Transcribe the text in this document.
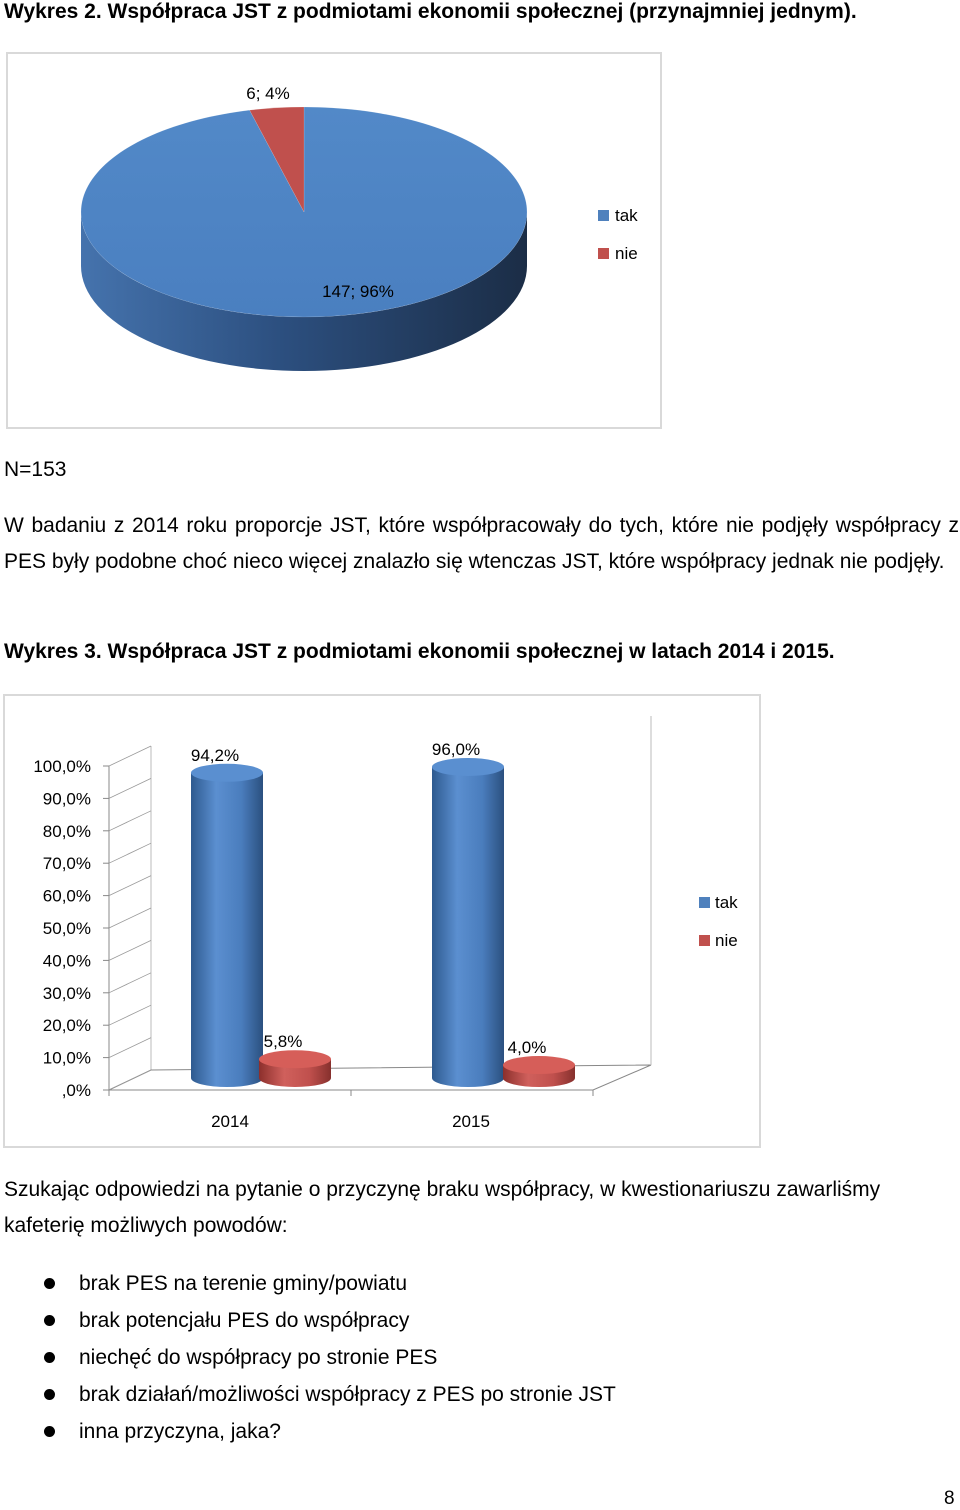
Wykres 2. Współpraca JST z podmiotami ekonomii społecznej (przynajmniej jednym).
147; 96%
6; 4%
tak
nie
N=153
W badaniu z 2014 roku proporcje JST, które współpracowały do tych, które nie podjęły współpracy z PES były podobne choć nieco więcej znalazło się wtenczas JST, które współpracy jednak nie podjęły.
Wykres 3. Współpraca JST z podmiotami ekonomii społecznej w latach 2014 i 2015.
100,0%
90,0%
80,0%
70,0%
60,0%
50,0%
40,0%
30,0%
20,0%
10,0%
,0%
2014	2015
94,2%	96,0%
5,8%	4,0%
tak
nie
Szukając odpowiedzi na pytanie o przyczynę braku współpracy, w kwestionariuszu zawarliśmy kafeterię możliwych powodów:
brak PES na terenie gminy/powiatu
brak potencjału PES do współpracy
niechęć do współpracy po stronie PES
brak działań/możliwości współpracy z PES po stronie JST
inna przyczyna, jaka?
8
